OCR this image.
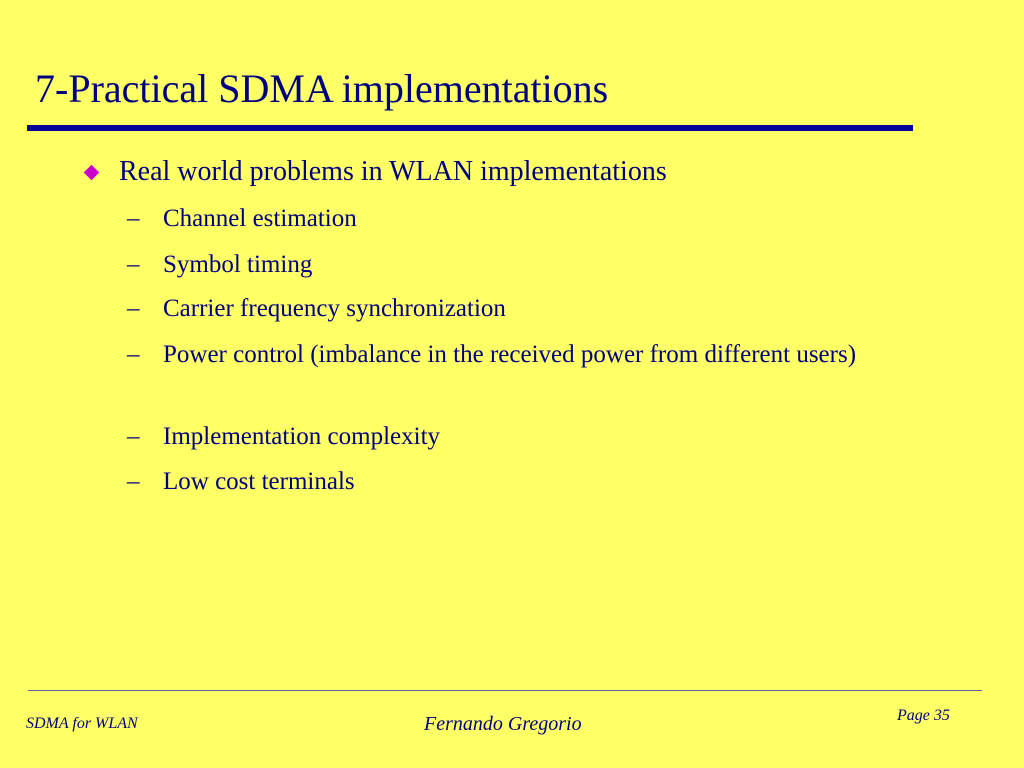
7-Practical SDMA implementations
Real world problems in WLAN implementations
– Channel estimation
– Symbol timing
– Carrier frequency synchronization
– Power control (imbalance in the received power from different users)
– Implementation complexity
– Low cost terminals
SDMA for WLAN	Fernando Gregorio	Page 35
